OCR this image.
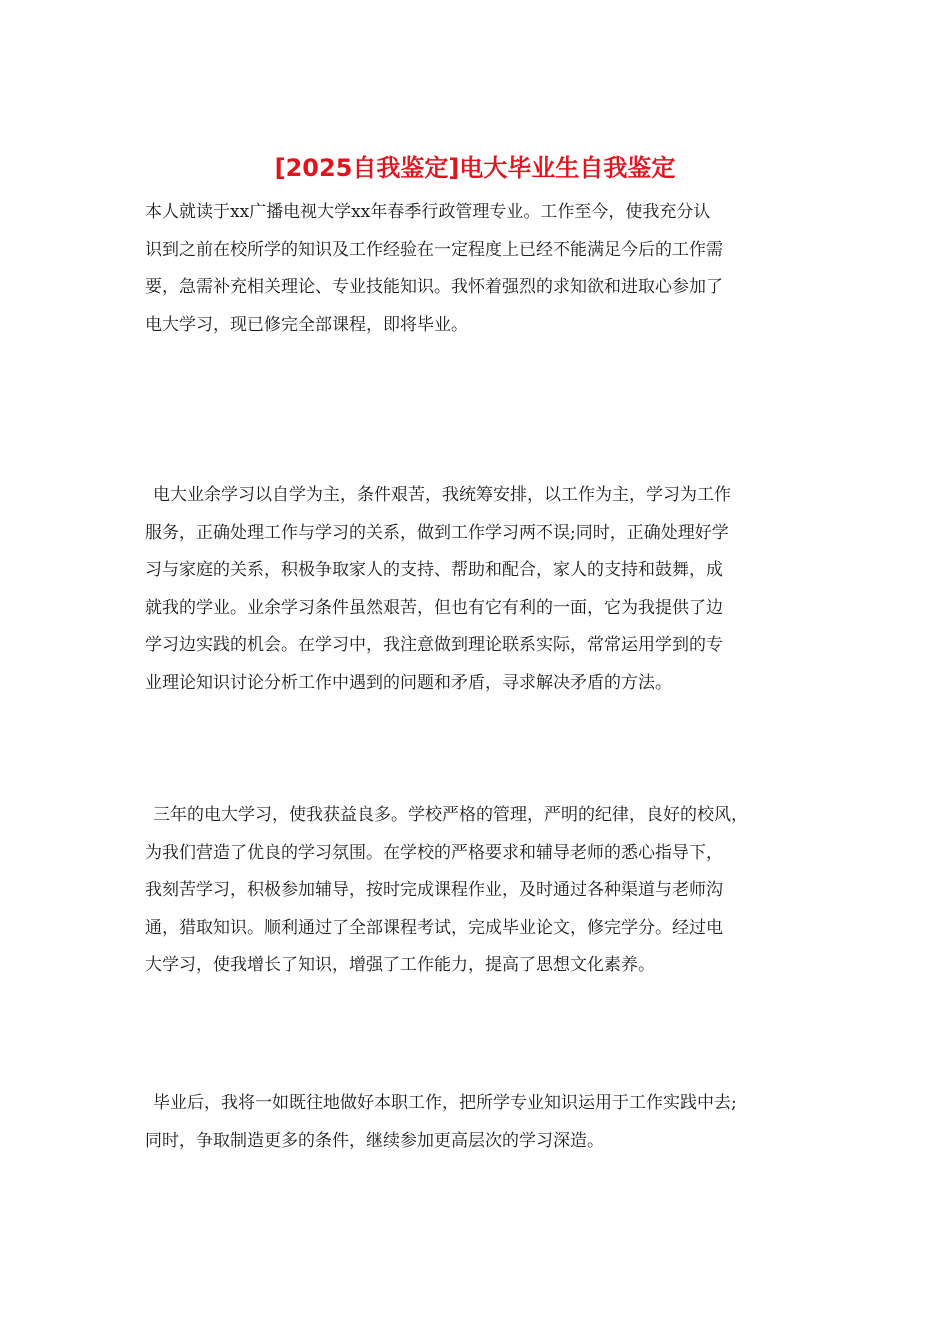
[2025自我鉴定]电大毕业生自我鉴定
本人就读于xx广播电视大学xx年春季行政管理专业。工作至今，使我充分认
识到之前在校所学的知识及工作经验在一定程度上已经不能满足今后的工作需
要，急需补充相关理论、专业技能知识。我怀着强烈的求知欲和进取心参加了
电大学习，现已修完全部课程，即将毕业。
电大业余学习以自学为主，条件艰苦，我统筹安排，以工作为主，学习为工作
服务，正确处理工作与学习的关系，做到工作学习两不误;同时，正确处理好学
习与家庭的关系，积极争取家人的支持、帮助和配合，家人的支持和鼓舞，成
就我的学业。业余学习条件虽然艰苦，但也有它有利的一面，它为我提供了边
学习边实践的机会。在学习中，我注意做到理论联系实际，常常运用学到的专
业理论知识讨论分析工作中遇到的问题和矛盾，寻求解决矛盾的方法。
三年的电大学习，使我获益良多。学校严格的管理，严明的纪律，良好的校风，
为我们营造了优良的学习氛围。在学校的严格要求和辅导老师的悉心指导下，
我刻苦学习，积极参加辅导，按时完成课程作业，及时通过各种渠道与老师沟
通，猎取知识。顺利通过了全部课程考试，完成毕业论文，修完学分。经过电
大学习，使我增长了知识，增强了工作能力，提高了思想文化素养。
毕业后，我将一如既往地做好本职工作，把所学专业知识运用于工作实践中去;
同时，争取制造更多的条件，继续参加更高层次的学习深造。
